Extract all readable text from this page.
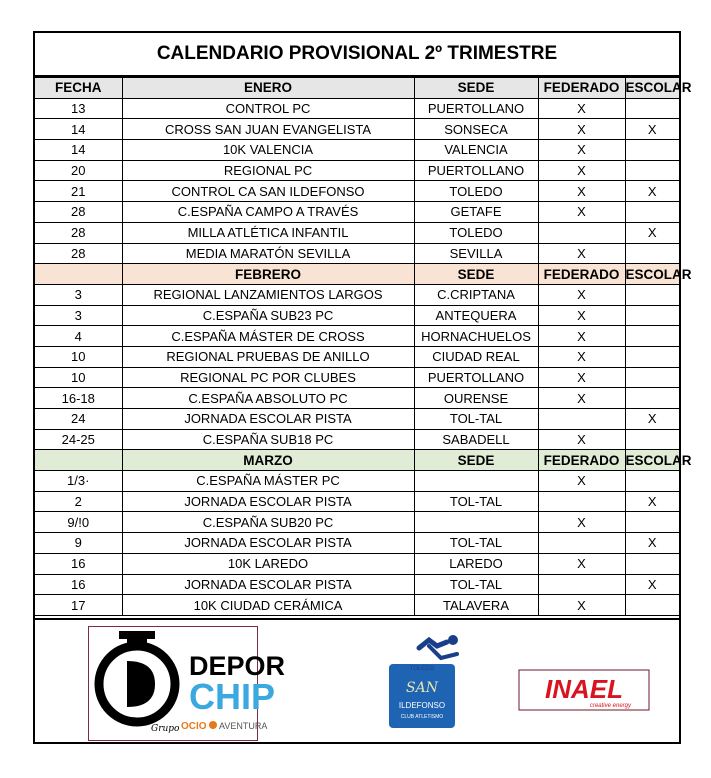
CALENDARIO PROVISIONAL 2º TRIMESTRE
FECHA	ENERO	SEDE	FEDERADO	ESCOLAR
13	CONTROL PC	PUERTOLLANO	X	
14	CROSS SAN JUAN EVANGELISTA	SONSECA	X	X
14	10K VALENCIA	VALENCIA	X	
20	REGIONAL PC	PUERTOLLANO	X	
21	CONTROL CA SAN ILDEFONSO	TOLEDO	X	X
28	C.ESPAÑA CAMPO A TRAVÉS	GETAFE	X	
28	MILLA ATLÉTICA INFANTIL	TOLEDO		X
28	MEDIA MARATÓN SEVILLA	SEVILLA	X	
	FEBRERO	SEDE	FEDERADO	ESCOLAR
3	REGIONAL LANZAMIENTOS LARGOS	C.CRIPTANA	X	
3	C.ESPAÑA SUB23 PC	ANTEQUERA	X	
4	C.ESPAÑA MÁSTER DE CROSS	HORNACHUELOS	X	
10	REGIONAL PRUEBAS DE ANILLO	CIUDAD REAL	X	
10	REGIONAL PC POR CLUBES	PUERTOLLANO	X	
16-18	C.ESPAÑA ABSOLUTO PC	OURENSE	X	
24	JORNADA ESCOLAR PISTA	TOL-TAL		X
24-25	C.ESPAÑA SUB18 PC	SABADELL	X	
	MARZO	SEDE	FEDERADO	ESCOLAR
1/3·	C.ESPAÑA MÁSTER PC		X	
2	JORNADA ESCOLAR PISTA	TOL-TAL		X
9/!0	C.ESPAÑA SUB20 PC		X	
9	JORNADA ESCOLAR PISTA	TOL-TAL		X
16	10K LAREDO	LAREDO	X	
16	JORNADA ESCOLAR PISTA	TOL-TAL		X
17	10K CIUDAD CERÁMICA	TALAVERA	X	
DEPOR
CHIP
Grupo OCIO AVENTURA
TOLEDO
SAN
ILDEFONSO
CLUB ATLETISMO
INAEL
creative energy
